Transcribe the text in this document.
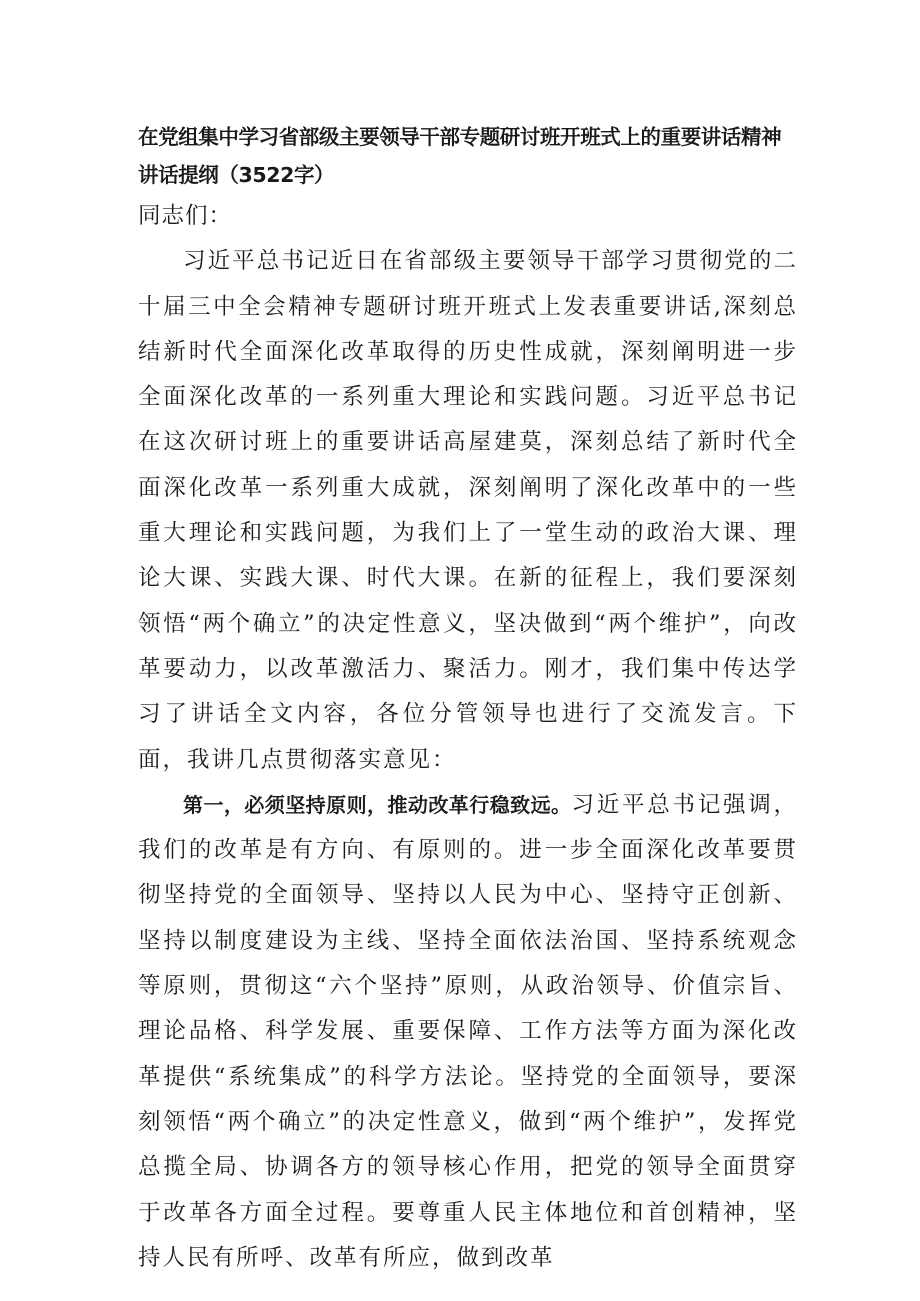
在党组集中学习省部级主要领导干部专题研讨班开班式上的重要讲话精神讲话提纲（3522字）

同志们：

习近平总书记近日在省部级主要领导干部学习贯彻党的二十届三中全会精神专题研讨班开班式上发表重要讲话,深刻总结新时代全面深化改革取得的历史性成就，深刻阐明进一步全面深化改革的一系列重大理论和实践问题。习近平总书记在这次研讨班上的重要讲话高屋建莫，深刻总结了新时代全面深化改革一系列重大成就，深刻阐明了深化改革中的一些重大理论和实践问题，为我们上了一堂生动的政治大课、理论大课、实践大课、时代大课。在新的征程上，我们要深刻领悟“两个确立”的决定性意义，坚决做到“两个维护”，向改革要动力，以改革激活力、聚活力。刚才，我们集中传达学习了讲话全文内容，各位分管领导也进行了交流发言。下面，我讲几点贯彻落实意见：

第一，必须坚持原则，推动改革行稳致远。习近平总书记强调，我们的改革是有方向、有原则的。进一步全面深化改革要贯彻坚持党的全面领导、坚持以人民为中心、坚持守正创新、坚持以制度建设为主线、坚持全面依法治国、坚持系统观念等原则，贯彻这“六个坚持”原则，从政治领导、价值宗旨、理论品格、科学发展、重要保障、工作方法等方面为深化改革提供“系统集成”的科学方法论。坚持党的全面领导，要深刻领悟“两个确立”的决定性意义，做到“两个维护”，发挥党总揽全局、协调各方的领导核心作用，把党的领导全面贯穿于改革各方面全过程。要尊重人民主体地位和首创精神，坚持人民有所呼、改革有所应，做到改革
